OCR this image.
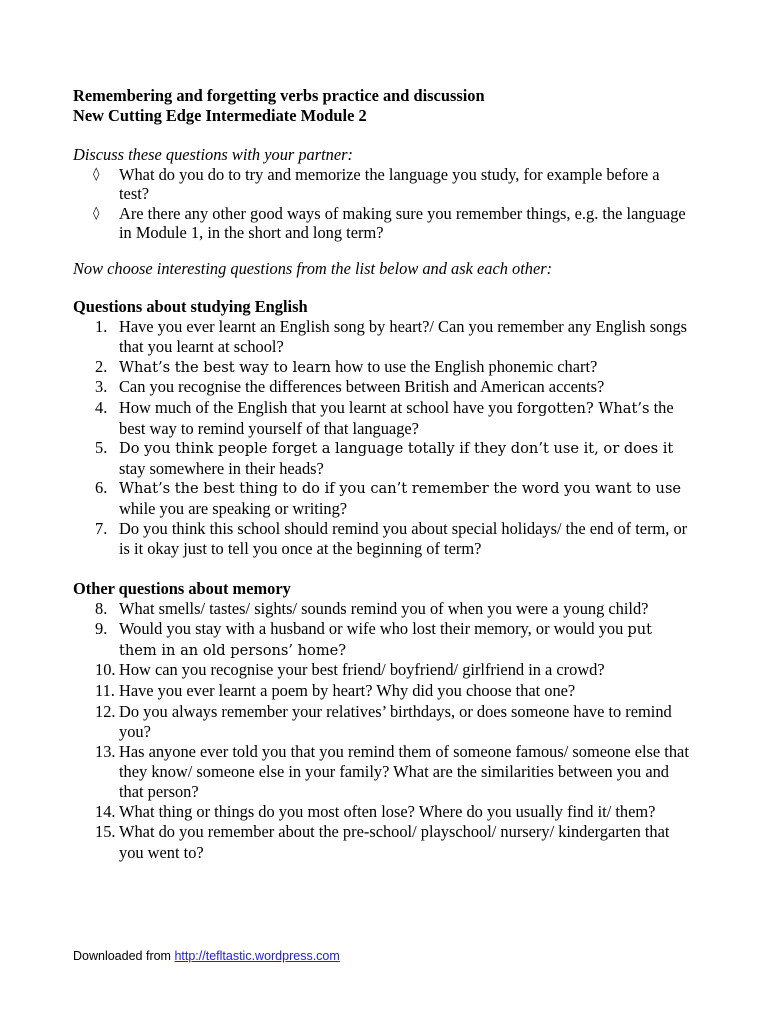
Remembering and forgetting verbs practice and discussion
New Cutting Edge Intermediate Module 2
Discuss these questions with your partner:
◊ What do you do to try and memorize the language you study, for example before a test?
◊ Are there any other good ways of making sure you remember things, e.g. the language in Module 1, in the short and long term?
Now choose interesting questions from the list below and ask each other:
Questions about studying English
1. Have you ever learnt an English song by heart?/ Can you remember any English songs that you learnt at school?
2. What’s the best way to learn how to use the English phonemic chart?
3. Can you recognise the differences between British and American accents?
4. How much of the English that you learnt at school have you forgotten? What’s the best way to remind yourself of that language?
5. Do you think people forget a language totally if they don’t use it, or does it stay somewhere in their heads?
6. What’s the best thing to do if you can’t remember the word you want to use while you are speaking or writing?
7. Do you think this school should remind you about special holidays/ the end of term, or is it okay just to tell you once at the beginning of term?
Other questions about memory
8. What smells/ tastes/ sights/ sounds remind you of when you were a young child?
9. Would you stay with a husband or wife who lost their memory, or would you put them in an old persons’ home?
10. How can you recognise your best friend/ boyfriend/ girlfriend in a crowd?
11. Have you ever learnt a poem by heart? Why did you choose that one?
12. Do you always remember your relatives’ birthdays, or does someone have to remind you?
13. Has anyone ever told you that you remind them of someone famous/ someone else that they know/ someone else in your family? What are the similarities between you and that person?
14. What thing or things do you most often lose? Where do you usually find it/ them?
15. What do you remember about the pre-school/ playschool/ nursery/ kindergarten that you went to?
Downloaded from http://tefltastic.wordpress.com
